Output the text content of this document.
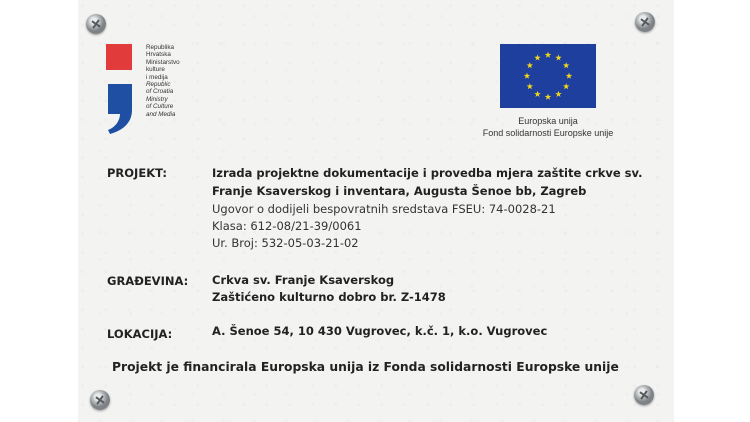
Republika
Hrvatska
Ministarstvo
kulture
i medija
Republic
of Croatia
Ministry
of Culture
and Media
Europska unija
Fond solidarnosti Europske unije
PROJEKT:	Izrada projektne dokumentacije i provedba mjera zaštite crkve sv.
Franje Ksaverskog i inventara, Augusta Šenoe bb, Zagreb
Ugovor o dodijeli bespovratnih sredstava FSEU: 74-0028-21
Klasa: 612-08/21-39/0061
Ur. Broj: 532-05-03-21-02
GRAĐEVINA: Crkva sv. Franje Ksaverskog
Zaštićeno kulturno dobro br. Z-1478
LOKACIJA:	A. Šenoe 54, 10 430 Vugrovec, k.č. 1, k.o. Vugrovec
Projekt je financirala Europska unija iz Fonda solidarnosti Europske unije
